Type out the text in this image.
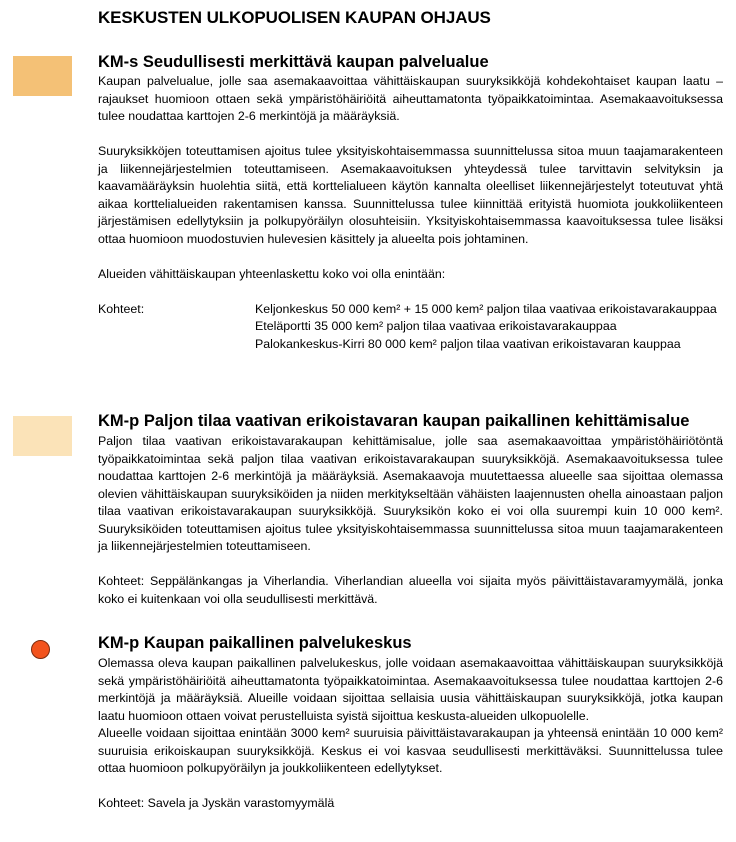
KESKUSTEN ULKOPUOLISEN KAUPAN OHJAUS
KM-s Seudullisesti merkittävä kaupan palvelualue

Kaupan palvelualue, jolle saa asemakaavoittaa vähittäiskaupan suuryksikköjä kohdekohtaiset kaupan laatu –rajaukset huomioon ottaen sekä ympäristöhäiriöitä aiheuttamatonta työpaikkatoimintaa. Asemakaavoituksessa tulee noudattaa karttojen 2-6 merkintöjä ja määräyksiä.

Suuryksikköjen toteuttamisen ajoitus tulee yksityiskohtaisemmassa suunnittelussa sitoa muun taajamarakenteen ja liikennejärjestelmien toteuttamiseen. Asemakaavoituksen yhteydessä tulee tarvittavin selvityksin ja kaavamääräyksin huolehtia siitä, että korttelialueen käytön kannalta oleelliset liikennejärjestelyt toteutuvat yhtä aikaa korttelialueiden rakentamisen kanssa. Suunnittelussa tulee kiinnittää erityistä huomiota joukkoliikenteen järjestämisen edellytyksiin ja polkupyöräilyn olosuhteisiin. Yksityiskohtaisemmassa kaavoituksessa tulee lisäksi ottaa huomioon muodostuvien hulevesien käsittely ja alueelta pois johtaminen.

Alueiden vähittäiskaupan yhteenlaskettu koko voi olla enintään:

Kohteet:	Keljonkeskus 50 000 kem² + 15 000 kem² paljon tilaa vaativaa erikoistavarakauppaa
Eteläportti 35 000 kem² paljon tilaa vaativaa erikoistavarakauppaa
Palokankeskus-Kirri 80 000 kem² paljon tilaa vaativan erikoistavaran kauppaa
KM-p Paljon tilaa vaativan erikoistavaran kaupan paikallinen kehittämisalue

Paljon tilaa vaativan erikoistavarakaupan kehittämisalue, jolle saa asemakaavoittaa ympäristöhäiriötöntä työpaikkatoimintaa sekä paljon tilaa vaativan erikoistavarakaupan suuryksikköjä. Asemakaavoituksessa tulee noudattaa karttojen 2-6 merkintöjä ja määräyksiä. Asemakaavoja muutettaessa alueelle saa sijoittaa olemassa olevien vähittäiskaupan suuryksiköiden ja niiden merkitykseltään vähäisten laajennusten ohella ainoastaan paljon tilaa vaativan erikoistavarakaupan suuryksikköjä. Suuryksikön koko ei voi olla suurempi kuin 10 000 kem². Suuryksiköiden toteuttamisen ajoitus tulee yksityiskohtaisemmassa suunnittelussa sitoa muun taajamarakenteen ja liikennejärjestelmien toteuttamiseen.

Kohteet: Seppälänkangas ja Viherlandia. Viherlandian alueella voi sijaita myös päivittäistavaramyymälä, jonka koko ei kuitenkaan voi olla seudullisesti merkittävä.

KM-p Kaupan paikallinen palvelukeskus

Olemassa oleva kaupan paikallinen palvelukeskus, jolle voidaan asemakaavoittaa vähittäiskaupan suuryksikköjä sekä ympäristöhäiriöitä aiheuttamatonta työpaikkatoimintaa. Asemakaavoituksessa tulee noudattaa karttojen 2-6 merkintöjä ja määräyksiä. Alueille voidaan sijoittaa sellaisia uusia vähittäiskaupan suuryksikköjä, jotka kaupan laatu huomioon ottaen voivat perustelluista syistä sijoittua keskusta-alueiden ulkopuolelle.

Alueelle voidaan sijoittaa enintään 3000 kem² suuruisia päivittäistavarakaupan ja yhteensä enintään 10 000 kem² suuruisia erikoiskaupan suuryksikköjä. Keskus ei voi kasvaa seudullisesti merkittäväksi. Suunnittelussa tulee ottaa huomioon polkupyöräilyn ja joukkoliikenteen edellytykset.

Kohteet: Savela ja Jyskän varastomyymälä
